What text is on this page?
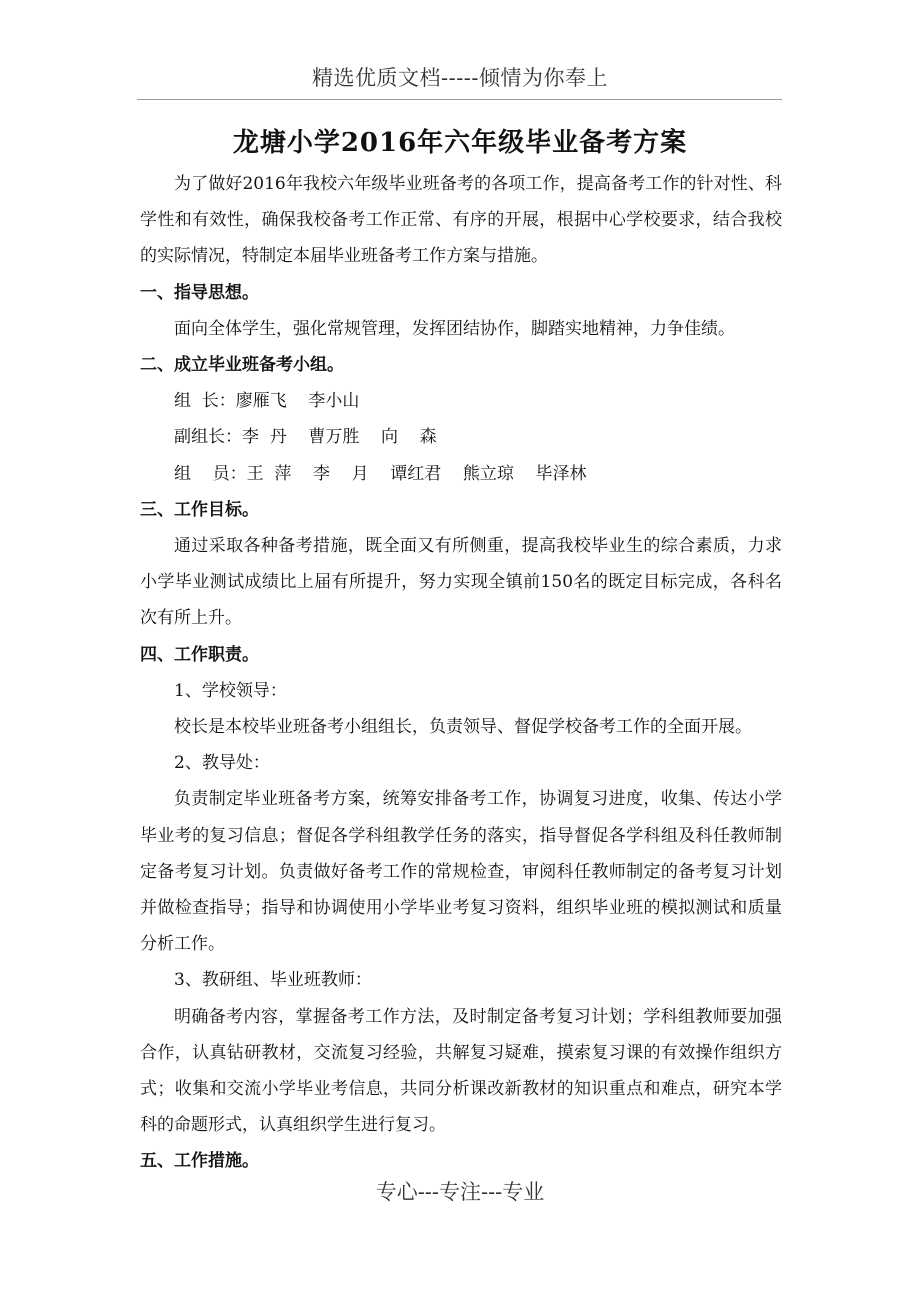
精选优质文档-----倾情为你奉上
龙塘小学2016年六年级毕业备考方案

为了做好2016年我校六年级毕业班备考的各项工作，提高备考工作的针对性、科学性和有效性，确保我校备考工作正常、有序的开展，根据中心学校要求，结合我校的实际情况，特制定本届毕业班备考工作方案与措施。

一、指导思想。

面向全体学生，强化常规管理，发挥团结协作，脚踏实地精神，力争佳绩。

二、成立毕业班备考小组。

组  长：廖雁飞    李小山

副组长：李  丹    曹万胜    向    森

组    员：王  萍    李    月    谭红君    熊立琼    毕泽林

三、工作目标。

通过采取各种备考措施，既全面又有所侧重，提高我校毕业生的综合素质，力求小学毕业测试成绩比上届有所提升，努力实现全镇前150名的既定目标完成，各科名次有所上升。

四、工作职责。

1、学校领导：

校长是本校毕业班备考小组组长，负责领导、督促学校备考工作的全面开展。

2、教导处：

负责制定毕业班备考方案，统筹安排备考工作，协调复习进度，收集、传达小学毕业考的复习信息；督促各学科组教学任务的落实，指导督促各学科组及科任教师制定备考复习计划。负责做好备考工作的常规检查，审阅科任教师制定的备考复习计划并做检查指导；指导和协调使用小学毕业考复习资料，组织毕业班的模拟测试和质量分析工作。

3、教研组、毕业班教师：

明确备考内容，掌握备考工作方法，及时制定备考复习计划；学科组教师要加强合作，认真钻研教材，交流复习经验，共解复习疑难，摸索复习课的有效操作组织方式；收集和交流小学毕业考信息，共同分析课改新教材的知识重点和难点，研究本学科的命题形式，认真组织学生进行复习。

五、工作措施。

专心---专注---专业
